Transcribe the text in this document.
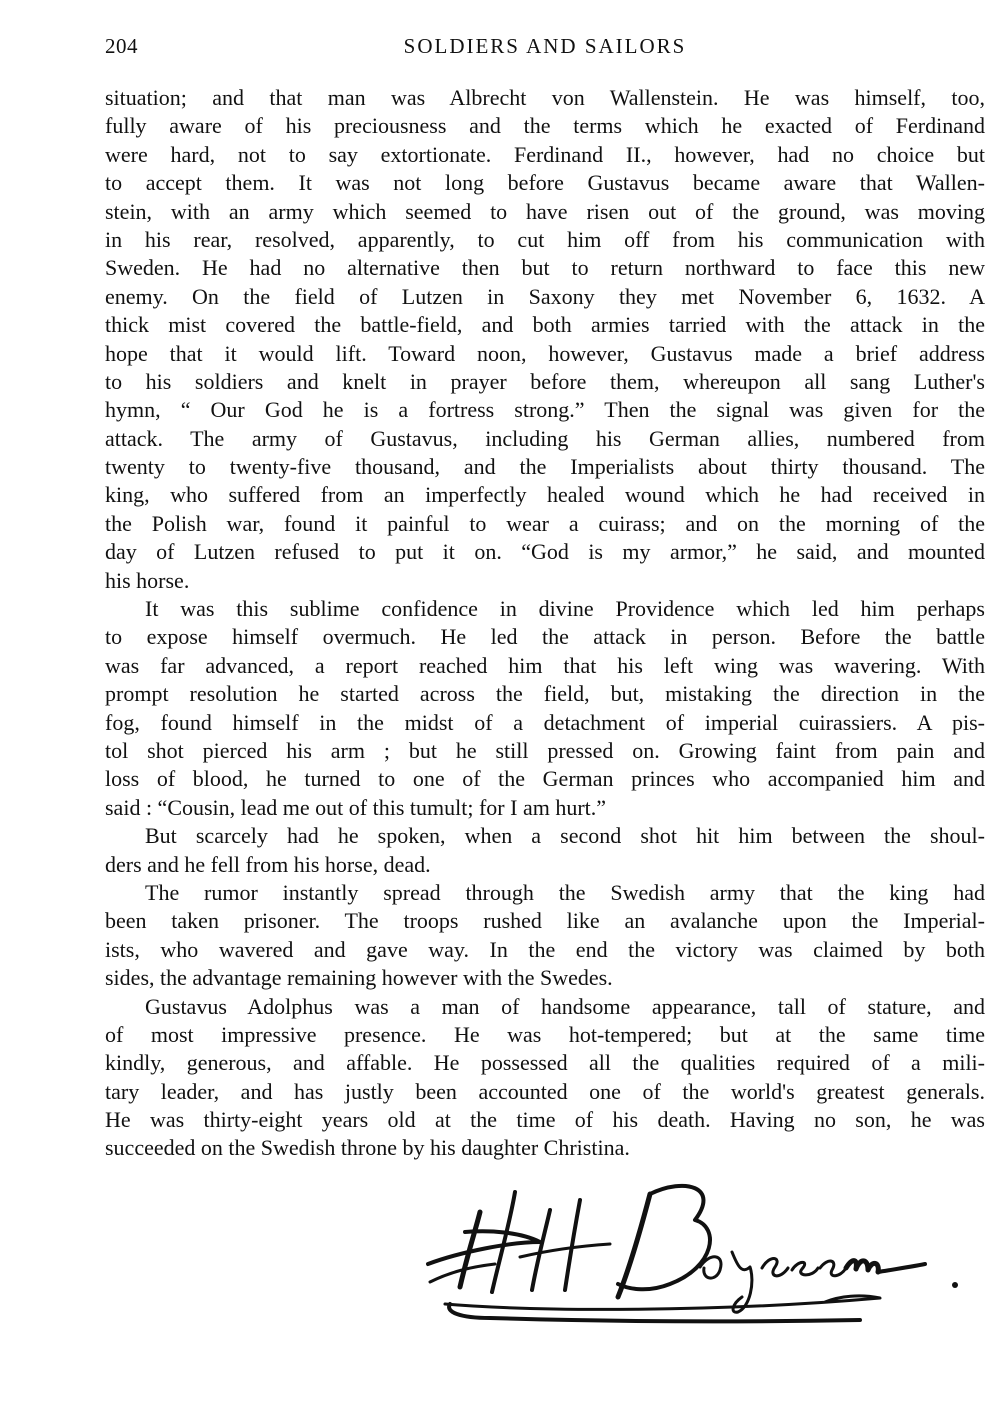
204	SOLDIERS AND SAILORS
situation; and that man was Albrecht von Wallenstein. He was himself, too,
fully aware of his preciousness and the terms which he exacted of Ferdinand
were hard, not to say extortionate. Ferdinand II., however, had no choice but
to accept them. It was not long before Gustavus became aware that Wallen-
stein, with an army which seemed to have risen out of the ground, was moving
in his rear, resolved, apparently, to cut him off from his communication with
Sweden. He had no alternative then but to return northward to face this new
enemy. On the field of Lutzen in Saxony they met November 6, 1632. A
thick mist covered the battle-field, and both armies tarried with the attack in the
hope that it would lift. Toward noon, however, Gustavus made a brief address
to his soldiers and knelt in prayer before them, whereupon all sang Luther's
hymn, “ Our God he is a fortress strong.” Then the signal was given for the
attack. The army of Gustavus, including his German allies, numbered from
twenty to twenty-five thousand, and the Imperialists about thirty thousand. The
king, who suffered from an imperfectly healed wound which he had received in
the Polish war, found it painful to wear a cuirass; and on the morning of the
day of Lutzen refused to put it on. “God is my armor,” he said, and mounted
his horse.
It was this sublime confidence in divine Providence which led him perhaps
to expose himself overmuch. He led the attack in person. Before the battle
was far advanced, a report reached him that his left wing was wavering. With
prompt resolution he started across the field, but, mistaking the direction in the
fog, found himself in the midst of a detachment of imperial cuirassiers. A pis-
tol shot pierced his arm ; but he still pressed on. Growing faint from pain and
loss of blood, he turned to one of the German princes who accompanied him and
said : “Cousin, lead me out of this tumult; for I am hurt.”
But scarcely had he spoken, when a second shot hit him between the shoul-
ders and he fell from his horse, dead.
The rumor instantly spread through the Swedish army that the king had
been taken prisoner. The troops rushed like an avalanche upon the Imperial-
ists, who wavered and gave way. In the end the victory was claimed by both
sides, the advantage remaining however with the Swedes.
Gustavus Adolphus was a man of handsome appearance, tall of stature, and
of most impressive presence. He was hot-tempered; but at the same time
kindly, generous, and affable. He possessed all the qualities required of a mili-
tary leader, and has justly been accounted one of the world's greatest generals.
He was thirty-eight years old at the time of his death. Having no son, he was
succeeded on the Swedish throne by his daughter Christina.
